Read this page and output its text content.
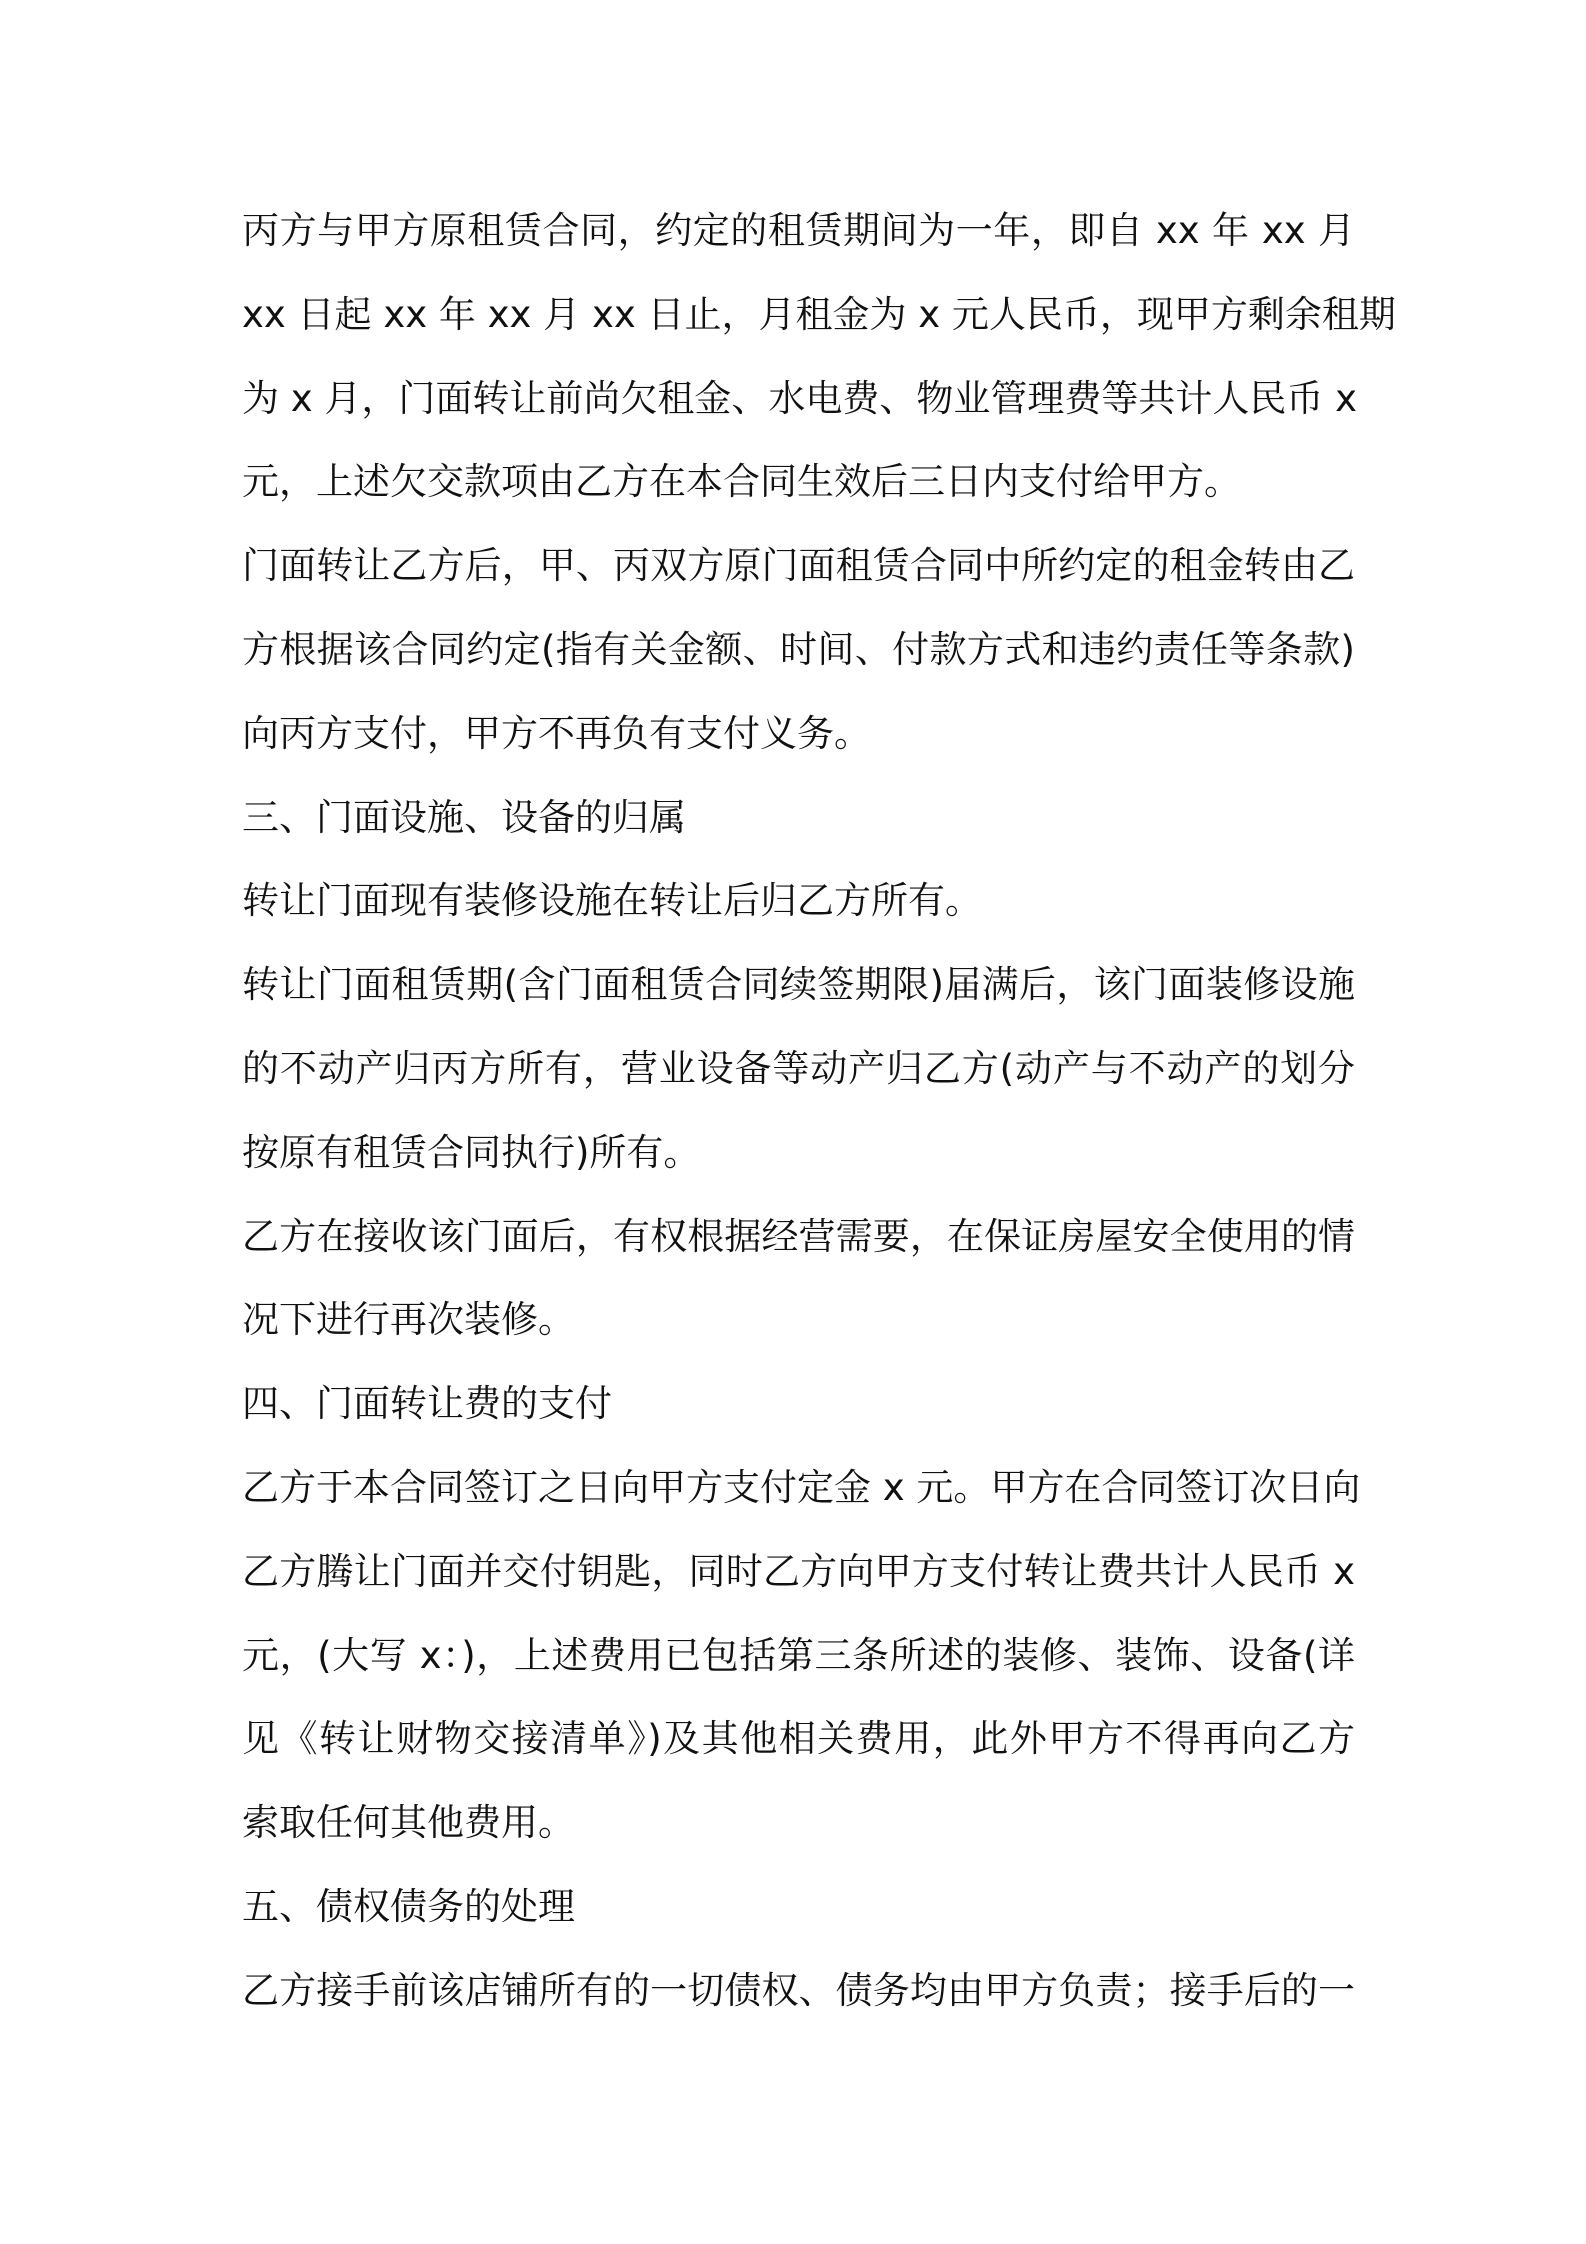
丙方与甲方原租赁合同，约定的租赁期间为一年，即自 xx 年 xx 月
xx 日起 xx 年 xx 月 xx 日止，月租金为 x 元人民币，现甲方剩余租期
为 x 月，门面转让前尚欠租金、水电费、物业管理费等共计人民币 x
元，上述欠交款项由乙方在本合同生效后三日内支付给甲方。
门面转让乙方后，甲、丙双方原门面租赁合同中所约定的租金转由乙
方根据该合同约定(指有关金额、时间、付款方式和违约责任等条款)
向丙方支付，甲方不再负有支付义务。
三、门面设施、设备的归属
转让门面现有装修设施在转让后归乙方所有。
转让门面租赁期(含门面租赁合同续签期限)届满后，该门面装修设施
的不动产归丙方所有，营业设备等动产归乙方(动产与不动产的划分
按原有租赁合同执行)所有。
乙方在接收该门面后，有权根据经营需要，在保证房屋安全使用的情
况下进行再次装修。
四、门面转让费的支付
乙方于本合同签订之日向甲方支付定金 x 元。甲方在合同签订次日向
乙方腾让门面并交付钥匙，同时乙方向甲方支付转让费共计人民币 x
元，(大写 x：)，上述费用已包括第三条所述的装修、装饰、设备(详
见《转让财物交接清单》)及其他相关费用，此外甲方不得再向乙方
索取任何其他费用。
五、债权债务的处理
乙方接手前该店铺所有的一切债权、债务均由甲方负责；接手后的一
